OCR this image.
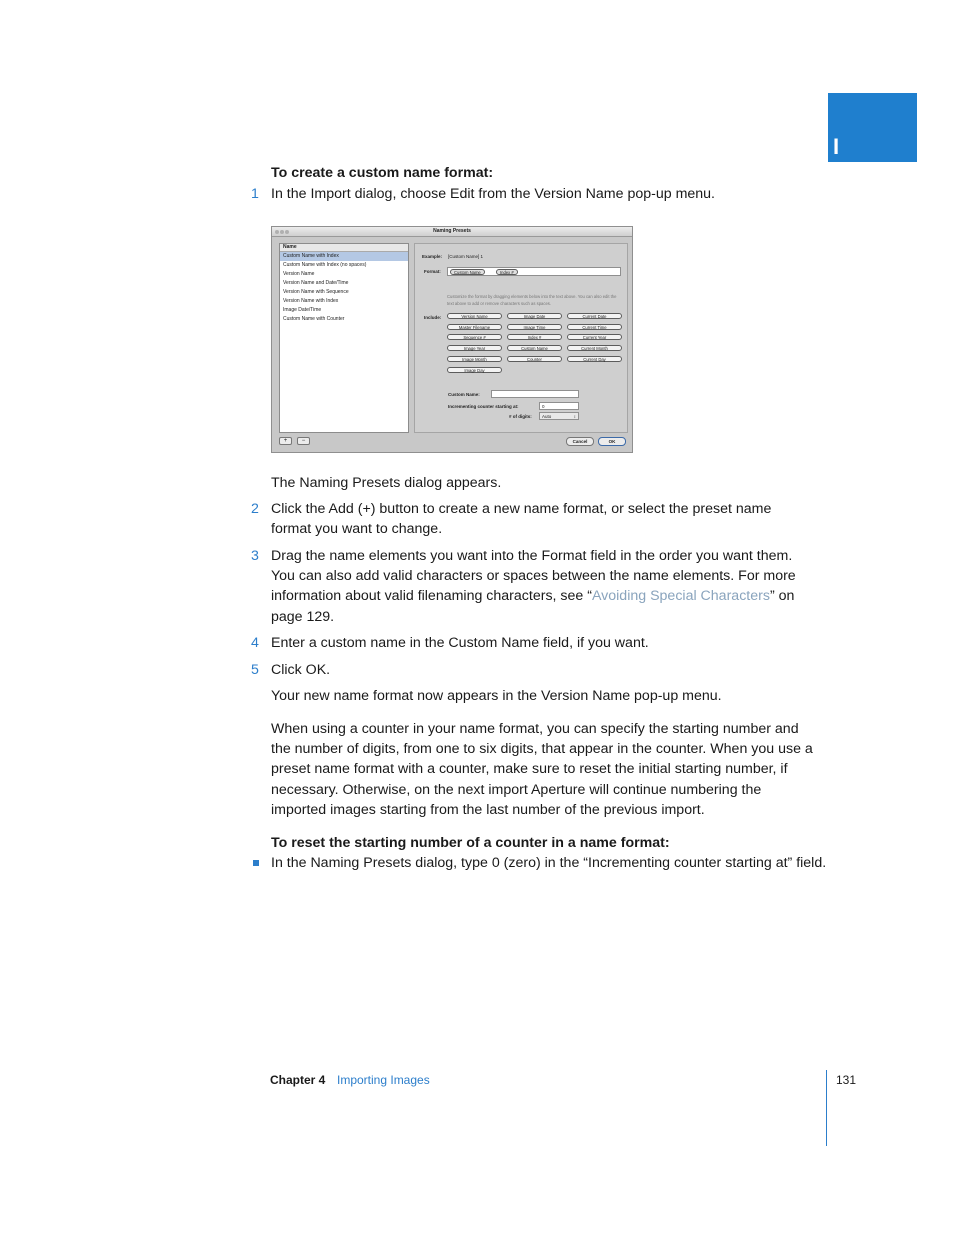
I
To create a custom name format:
1 In the Import dialog, choose Edit from the Version Name pop-up menu.
Naming Presets
Name
Custom Name with Index
Custom Name with Index (no spaces)
Version Name
Version Name and Date/Time
Version Name with Sequence
Version Name with Index
Image Date/Time
Custom Name with Counter
Example: [Custom Name] 1
Format:	Custom Name	Index #
Customize the format by dragging elements below into the text above. You can also edit the text above to add or remove characters such as spaces.
Include:	Version Name	Image Date	Current Date
Master Filename	Image Time	Current Time
Sequence #	Index #	Current Year
Image Year	Custom Name	Current Month
Image Month	Counter	Current Day
Image Day
Custom Name:
Incrementing counter starting at:	0
# of digits:	Auto	↕
+	−	Cancel	OK
The Naming Presets dialog appears.
2 Click the Add (+) button to create a new name format, or select the preset name
format you want to change.
3 Drag the name elements you want into the Format field in the order you want them.
You can also add valid characters or spaces between the name elements. For more
information about valid filenaming characters, see “Avoiding Special Characters” on
page 129.
4 Enter a custom name in the Custom Name field, if you want.
5 Click OK.
Your new name format now appears in the Version Name pop-up menu.
When using a counter in your name format, you can specify the starting number and
the number of digits, from one to six digits, that appear in the counter. When you use a
preset name format with a counter, make sure to reset the initial starting number, if
necessary. Otherwise, on the next import Aperture will continue numbering the
imported images starting from the last number of the previous import.
To reset the starting number of a counter in a name format:
In the Naming Presets dialog, type 0 (zero) in the “Incrementing counter starting at” field.
Chapter 4 Importing Images	131
